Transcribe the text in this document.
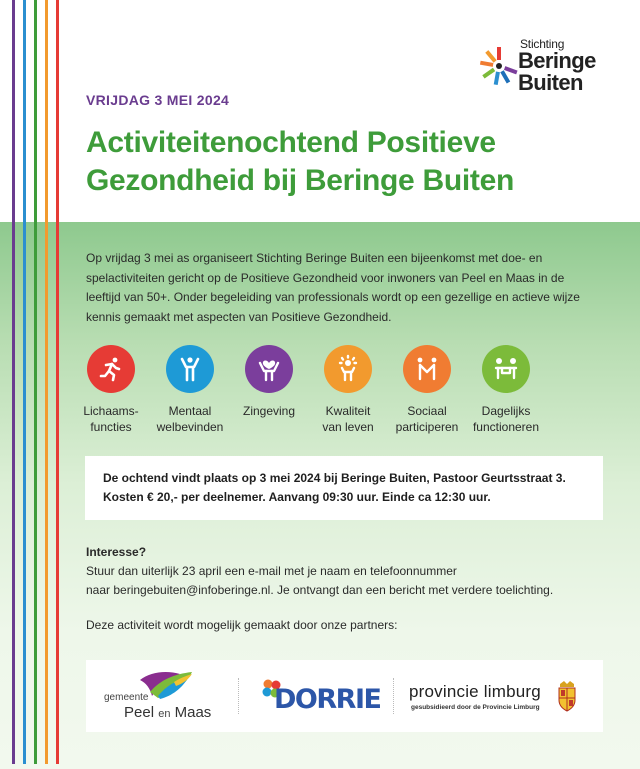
Stichting
Beringe
Buiten
VRIJDAG 3 MEI 2024
Activiteitenochtend Positieve
Gezondheid bij Beringe Buiten
Op vrijdag 3 mei as organiseert Stichting Beringe Buiten een bijeenkomst met doe- en spelactiviteiten gericht op de Positieve Gezondheid voor inwoners van Peel en Maas in de leeftijd van 50+. Onder begeleiding van professionals wordt op een gezellige en actieve wijze kennis gemaakt met aspecten van Positieve Gezondheid.
Lichaams-
functies
Mentaal
welbevinden
Zingeving	Kwaliteit
van leven
Sociaal
participeren
Dagelijks
functioneren
De ochtend vindt plaats op 3 mei 2024 bij Beringe Buiten, Pastoor Geurtsstraat 3.
Kosten € 20,- per deelnemer. Aanvang 09:30 uur. Einde ca 12:30 uur.
Interesse?
Stuur dan uiterlijk 23 april een e-mail met je naam en telefoonnummer
naar beringebuiten@infoberinge.nl. Je ontvangt dan een bericht met verdere toelichting.
Deze activiteit wordt mogelijk gemaakt door onze partners:
gemeente
Peel en Maas DORRIE provincie limburg
gesubsidieerd door de Provincie Limburg
